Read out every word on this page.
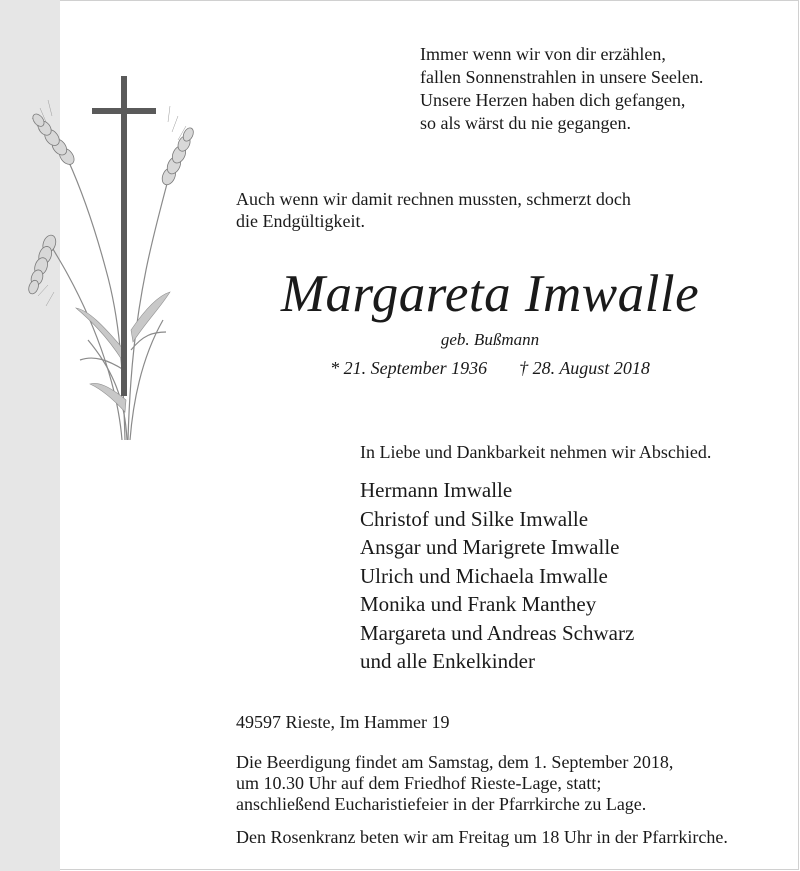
Immer wenn wir von dir erzählen,
fallen Sonnenstrahlen in unsere Seelen.
Unsere Herzen haben dich gefangen,
so als wärst du nie gegangen.
Auch wenn wir damit rechnen mussten, schmerzt doch
die Endgültigkeit.
Margareta Imwalle
geb. Bußmann
* 21. September 1936 † 28. August 2018
In Liebe und Dankbarkeit nehmen wir Abschied.
Hermann Imwalle
Christof und Silke Imwalle
Ansgar und Marigrete Imwalle
Ulrich und Michaela Imwalle
Monika und Frank Manthey
Margareta und Andreas Schwarz
und alle Enkelkinder
49597 Rieste, Im Hammer 19
Die Beerdigung findet am Samstag, dem 1. September 2018,
um 10.30 Uhr auf dem Friedhof Rieste-Lage, statt;
anschließend Eucharistiefeier in der Pfarrkirche zu Lage.
Den Rosenkranz beten wir am Freitag um 18 Uhr in der Pfarrkirche.
